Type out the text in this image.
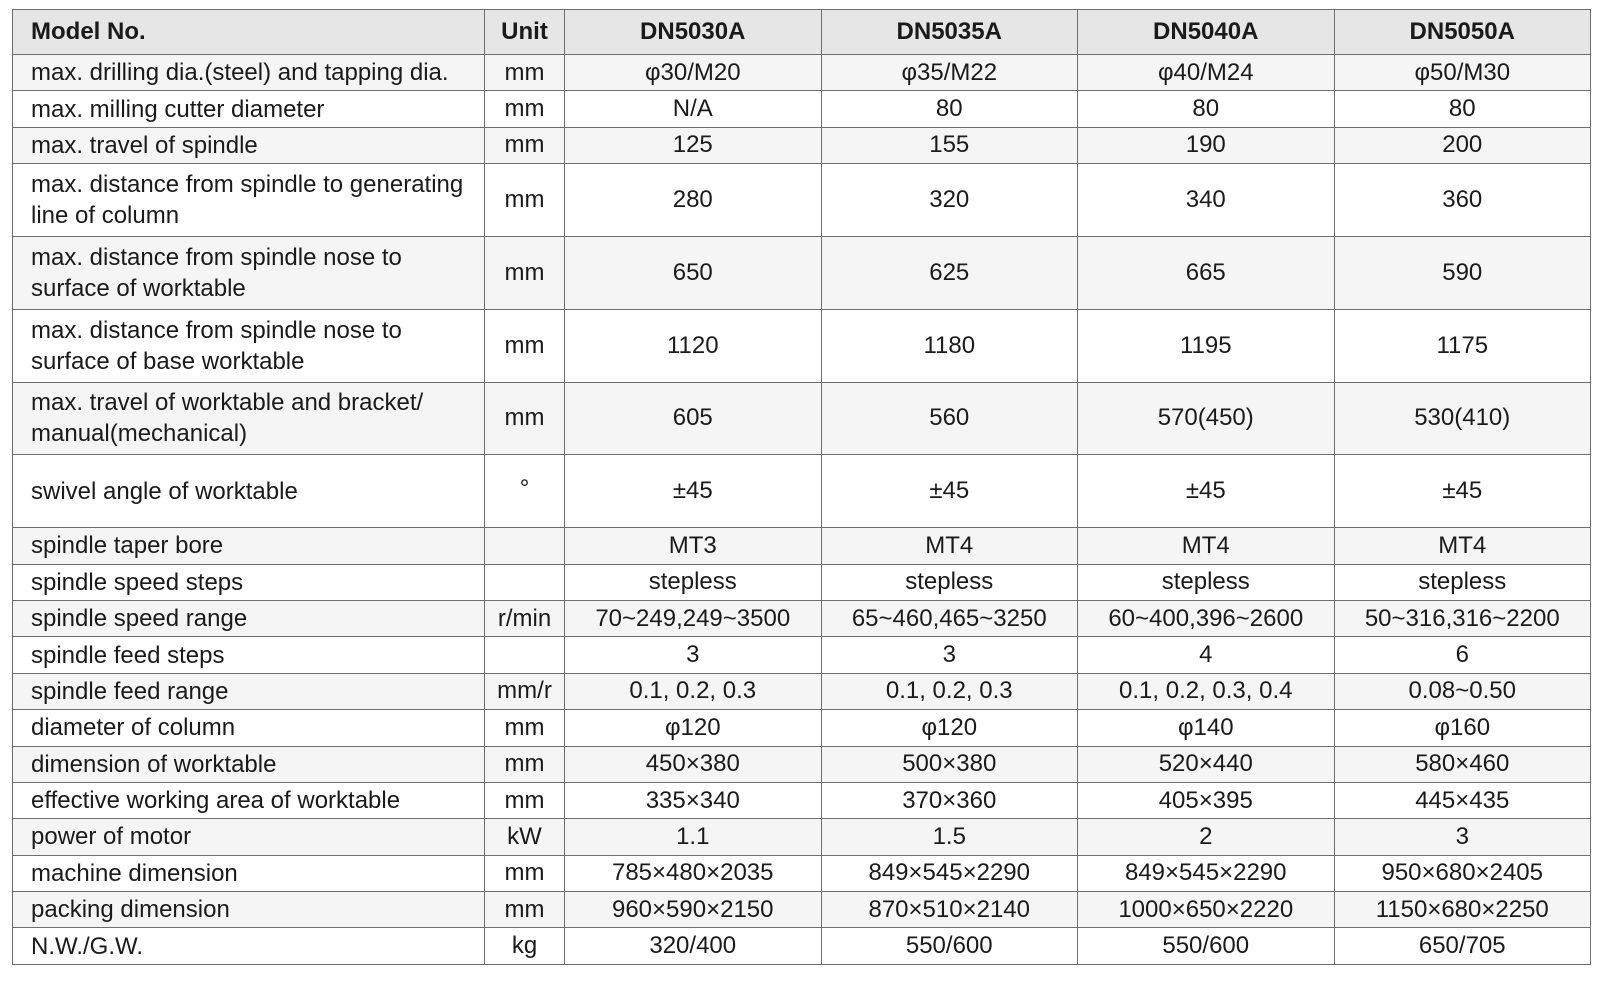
Model No.	Unit	DN5030A	DN5035A	DN5040A	DN5050A
max. drilling dia.(steel) and tapping dia.	mm	φ30/M20	φ35/M22	φ40/M24	φ50/M30
max. milling cutter diameter	mm	N/A	80	80	80
max. travel of spindle	mm	125	155	190	200
max. distance from spindle to generating line of column	mm	280	320	340	360
max. distance from spindle nose to surface of worktable	mm	650	625	665	590
max. distance from spindle nose to surface of base worktable	mm	1120	1180	1195	1175
max. travel of worktable and bracket/ manual(mechanical)	mm	605	560	570(450)	530(410)
swivel angle of worktable	°	±45	±45	±45	±45
spindle taper bore		MT3	MT4	MT4	MT4
spindle speed steps		stepless	stepless	stepless	stepless
spindle speed range	r/min	70~249,249~3500	65~460,465~3250	60~400,396~2600	50~316,316~2200
spindle feed steps		3	3	4	6
spindle feed range	mm/r	0.1, 0.2, 0.3	0.1, 0.2, 0.3	0.1, 0.2, 0.3, 0.4	0.08~0.50
diameter of column	mm	φ120	φ120	φ140	φ160
dimension of worktable	mm	450×380	500×380	520×440	580×460
effective working area of worktable	mm	335×340	370×360	405×395	445×435
power of motor	kW	1.1	1.5	2	3
machine dimension	mm	785×480×2035	849×545×2290	849×545×2290	950×680×2405
packing dimension	mm	960×590×2150	870×510×2140	1000×650×2220	1150×680×2250
N.W./G.W.	kg	320/400	550/600	550/600	650/705
